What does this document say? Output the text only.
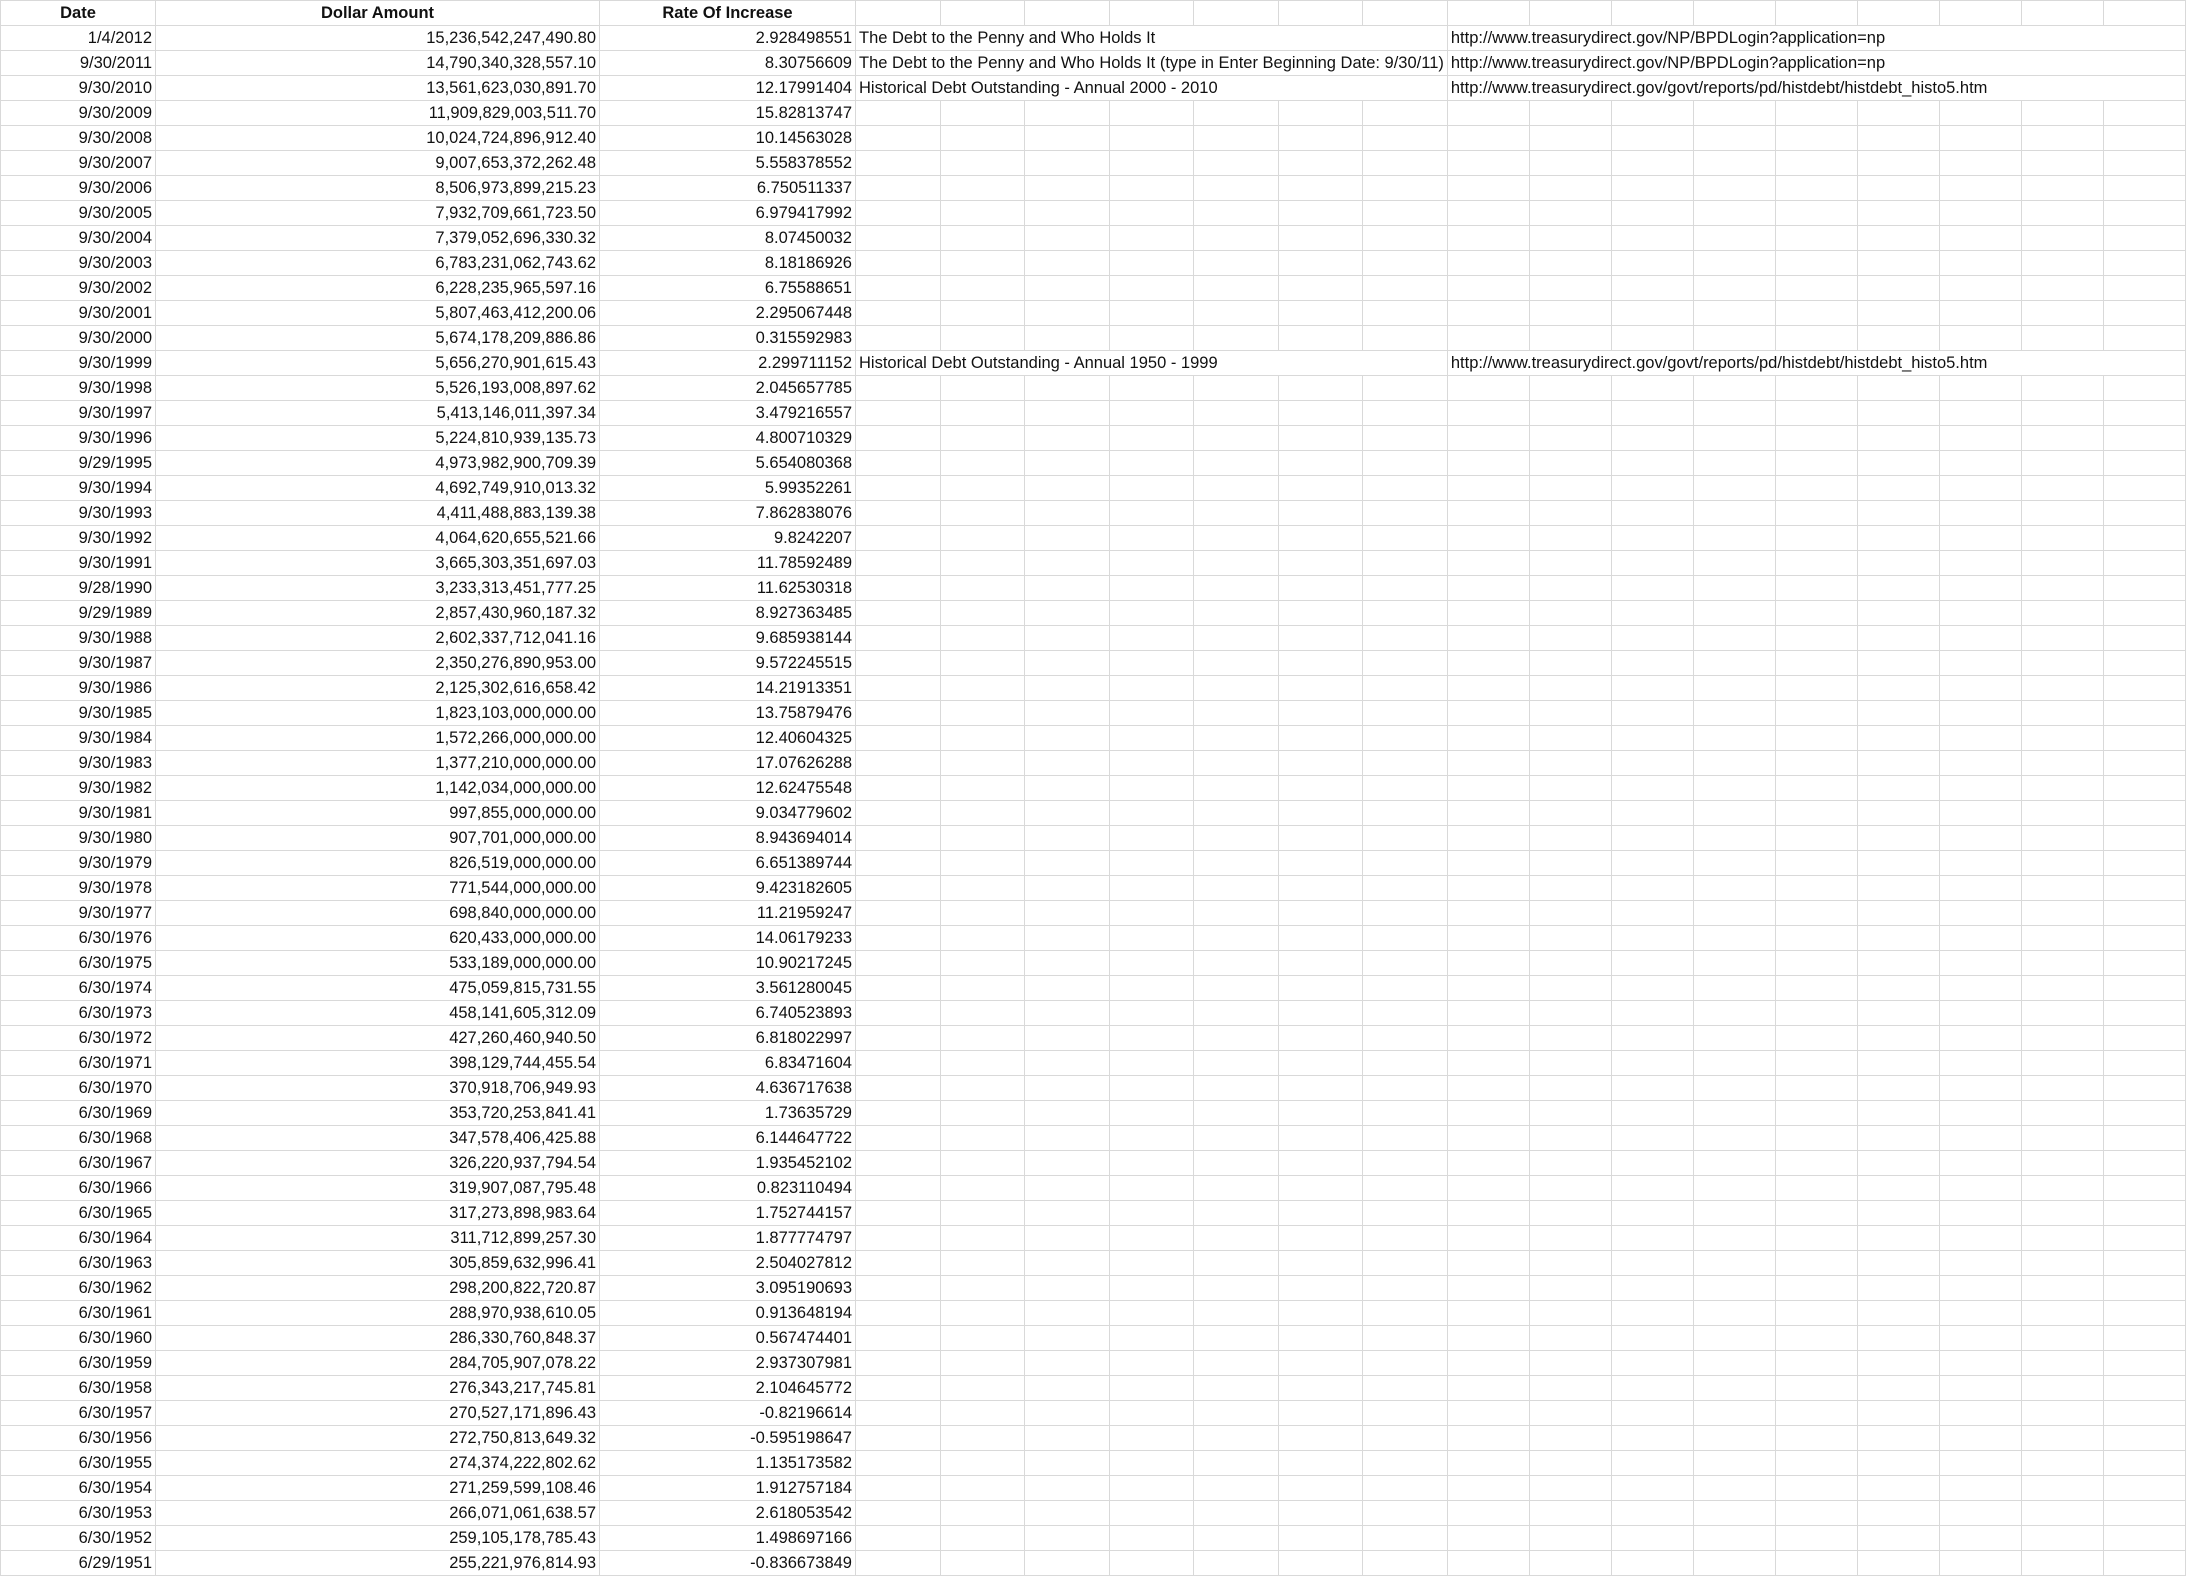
Date	Dollar Amount	Rate Of Increase																
1/4/2012	15,236,542,247,490.80	2.928498551	The Debt to the Penny and Who Holds It							http://www.treasurydirect.gov/NP/BPDLogin?application=np								
9/30/2011	14,790,340,328,557.10	8.30756609	The Debt to the Penny and Who Holds It (type in Enter Beginning Date: 9/30/11)							http://www.treasurydirect.gov/NP/BPDLogin?application=np								
9/30/2010	13,561,623,030,891.70	12.17991404	Historical Debt Outstanding - Annual 2000 - 2010							http://www.treasurydirect.gov/govt/reports/pd/histdebt/histdebt_histo5.htm								
9/30/2009	11,909,829,003,511.70	15.82813747																
9/30/2008	10,024,724,896,912.40	10.14563028																
9/30/2007	9,007,653,372,262.48	5.558378552																
9/30/2006	8,506,973,899,215.23	6.750511337																
9/30/2005	7,932,709,661,723.50	6.979417992																
9/30/2004	7,379,052,696,330.32	8.07450032																
9/30/2003	6,783,231,062,743.62	8.18186926																
9/30/2002	6,228,235,965,597.16	6.75588651																
9/30/2001	5,807,463,412,200.06	2.295067448																
9/30/2000	5,674,178,209,886.86	0.315592983																
9/30/1999	5,656,270,901,615.43	2.299711152	Historical Debt Outstanding - Annual 1950 - 1999							http://www.treasurydirect.gov/govt/reports/pd/histdebt/histdebt_histo5.htm								
9/30/1998	5,526,193,008,897.62	2.045657785																
9/30/1997	5,413,146,011,397.34	3.479216557																
9/30/1996	5,224,810,939,135.73	4.800710329																
9/29/1995	4,973,982,900,709.39	5.654080368																
9/30/1994	4,692,749,910,013.32	5.99352261																
9/30/1993	4,411,488,883,139.38	7.862838076																
9/30/1992	4,064,620,655,521.66	9.8242207																
9/30/1991	3,665,303,351,697.03	11.78592489																
9/28/1990	3,233,313,451,777.25	11.62530318																
9/29/1989	2,857,430,960,187.32	8.927363485																
9/30/1988	2,602,337,712,041.16	9.685938144																
9/30/1987	2,350,276,890,953.00	9.572245515																
9/30/1986	2,125,302,616,658.42	14.21913351																
9/30/1985	1,823,103,000,000.00	13.75879476																
9/30/1984	1,572,266,000,000.00	12.40604325																
9/30/1983	1,377,210,000,000.00	17.07626288																
9/30/1982	1,142,034,000,000.00	12.62475548																
9/30/1981	997,855,000,000.00	9.034779602																
9/30/1980	907,701,000,000.00	8.943694014																
9/30/1979	826,519,000,000.00	6.651389744																
9/30/1978	771,544,000,000.00	9.423182605																
9/30/1977	698,840,000,000.00	11.21959247																
6/30/1976	620,433,000,000.00	14.06179233																
6/30/1975	533,189,000,000.00	10.90217245																
6/30/1974	475,059,815,731.55	3.561280045																
6/30/1973	458,141,605,312.09	6.740523893																
6/30/1972	427,260,460,940.50	6.818022997																
6/30/1971	398,129,744,455.54	6.83471604																
6/30/1970	370,918,706,949.93	4.636717638																
6/30/1969	353,720,253,841.41	1.73635729																
6/30/1968	347,578,406,425.88	6.144647722																
6/30/1967	326,220,937,794.54	1.935452102																
6/30/1966	319,907,087,795.48	0.823110494																
6/30/1965	317,273,898,983.64	1.752744157																
6/30/1964	311,712,899,257.30	1.877774797																
6/30/1963	305,859,632,996.41	2.504027812																
6/30/1962	298,200,822,720.87	3.095190693																
6/30/1961	288,970,938,610.05	0.913648194																
6/30/1960	286,330,760,848.37	0.567474401																
6/30/1959	284,705,907,078.22	2.937307981																
6/30/1958	276,343,217,745.81	2.104645772																
6/30/1957	270,527,171,896.43	-0.82196614																
6/30/1956	272,750,813,649.32	-0.595198647																
6/30/1955	274,374,222,802.62	1.135173582																
6/30/1954	271,259,599,108.46	1.912757184																
6/30/1953	266,071,061,638.57	2.618053542																
6/30/1952	259,105,178,785.43	1.498697166																
6/29/1951	255,221,976,814.93	-0.836673849																
